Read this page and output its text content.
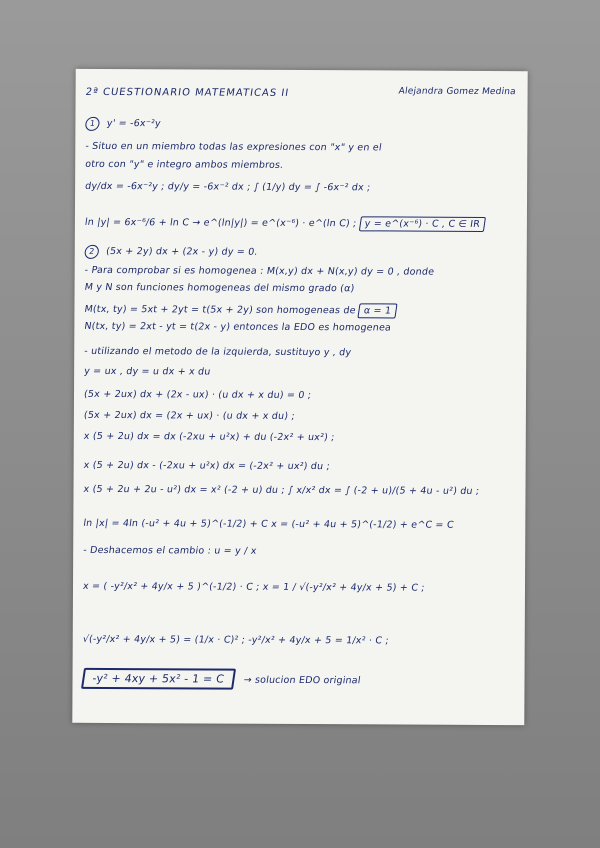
2ª CUESTIONARIO MATEMATICAS II	Alejandra Gomez Medina
1 y' = -6x⁻²y
- Situo en un miembro todas las expresiones con "x" y en el
otro con "y" e integro ambos miembros.
dy/dx = -6x⁻²y ; dy/y = -6x⁻² dx ; ∫ (1/y) dy = ∫ -6x⁻² dx ;
ln |y| = 6x⁻⁶/6 + ln C → e^(ln|y|) = e^(x⁻⁶) · e^(ln C) ; y = e^(x⁻⁶) · C , C ∈ IR
2 (5x + 2y) dx + (2x - y) dy = 0.
- Para comprobar si es homogenea : M(x,y) dx + N(x,y) dy = 0 , donde
M y N son funciones homogeneas del mismo grado (α)
M(tx, ty) = 5xt + 2yt = t(5x + 2y) son homogeneas de α = 1
N(tx, ty) = 2xt - yt = t(2x - y) entonces la EDO es homogenea
- utilizando el metodo de la izquierda, sustituyo y , dy
y = ux , dy = u dx + x du
(5x + 2ux) dx + (2x - ux) · (u dx + x du) = 0 ;
(5x + 2ux) dx = (2x + ux) · (u dx + x du) ;
x (5 + 2u) dx = dx (-2xu + u²x) + du (-2x² + ux²) ;
x (5 + 2u) dx - (-2xu + u²x) dx = (-2x² + ux²) du ;
x (5 + 2u + 2u - u²) dx = x² (-2 + u) du ; ∫ x/x² dx = ∫ (-2 + u)/(5 + 4u - u²) du ;
ln |x| = 4ln (-u² + 4u + 5)^(-1/2) + C x = (-u² + 4u + 5)^(-1/2) + e^C = C
- Deshacemos el cambio : u = y / x
x = ( -y²/x² + 4y/x + 5 )^(-1/2) · C ; x = 1 / √(-y²/x² + 4y/x + 5) + C ;
√(-y²/x² + 4y/x + 5) = (1/x · C)² ; -y²/x² + 4y/x + 5 = 1/x² · C ;
-y² + 4xy + 5x² - 1 = C → solucion EDO original
